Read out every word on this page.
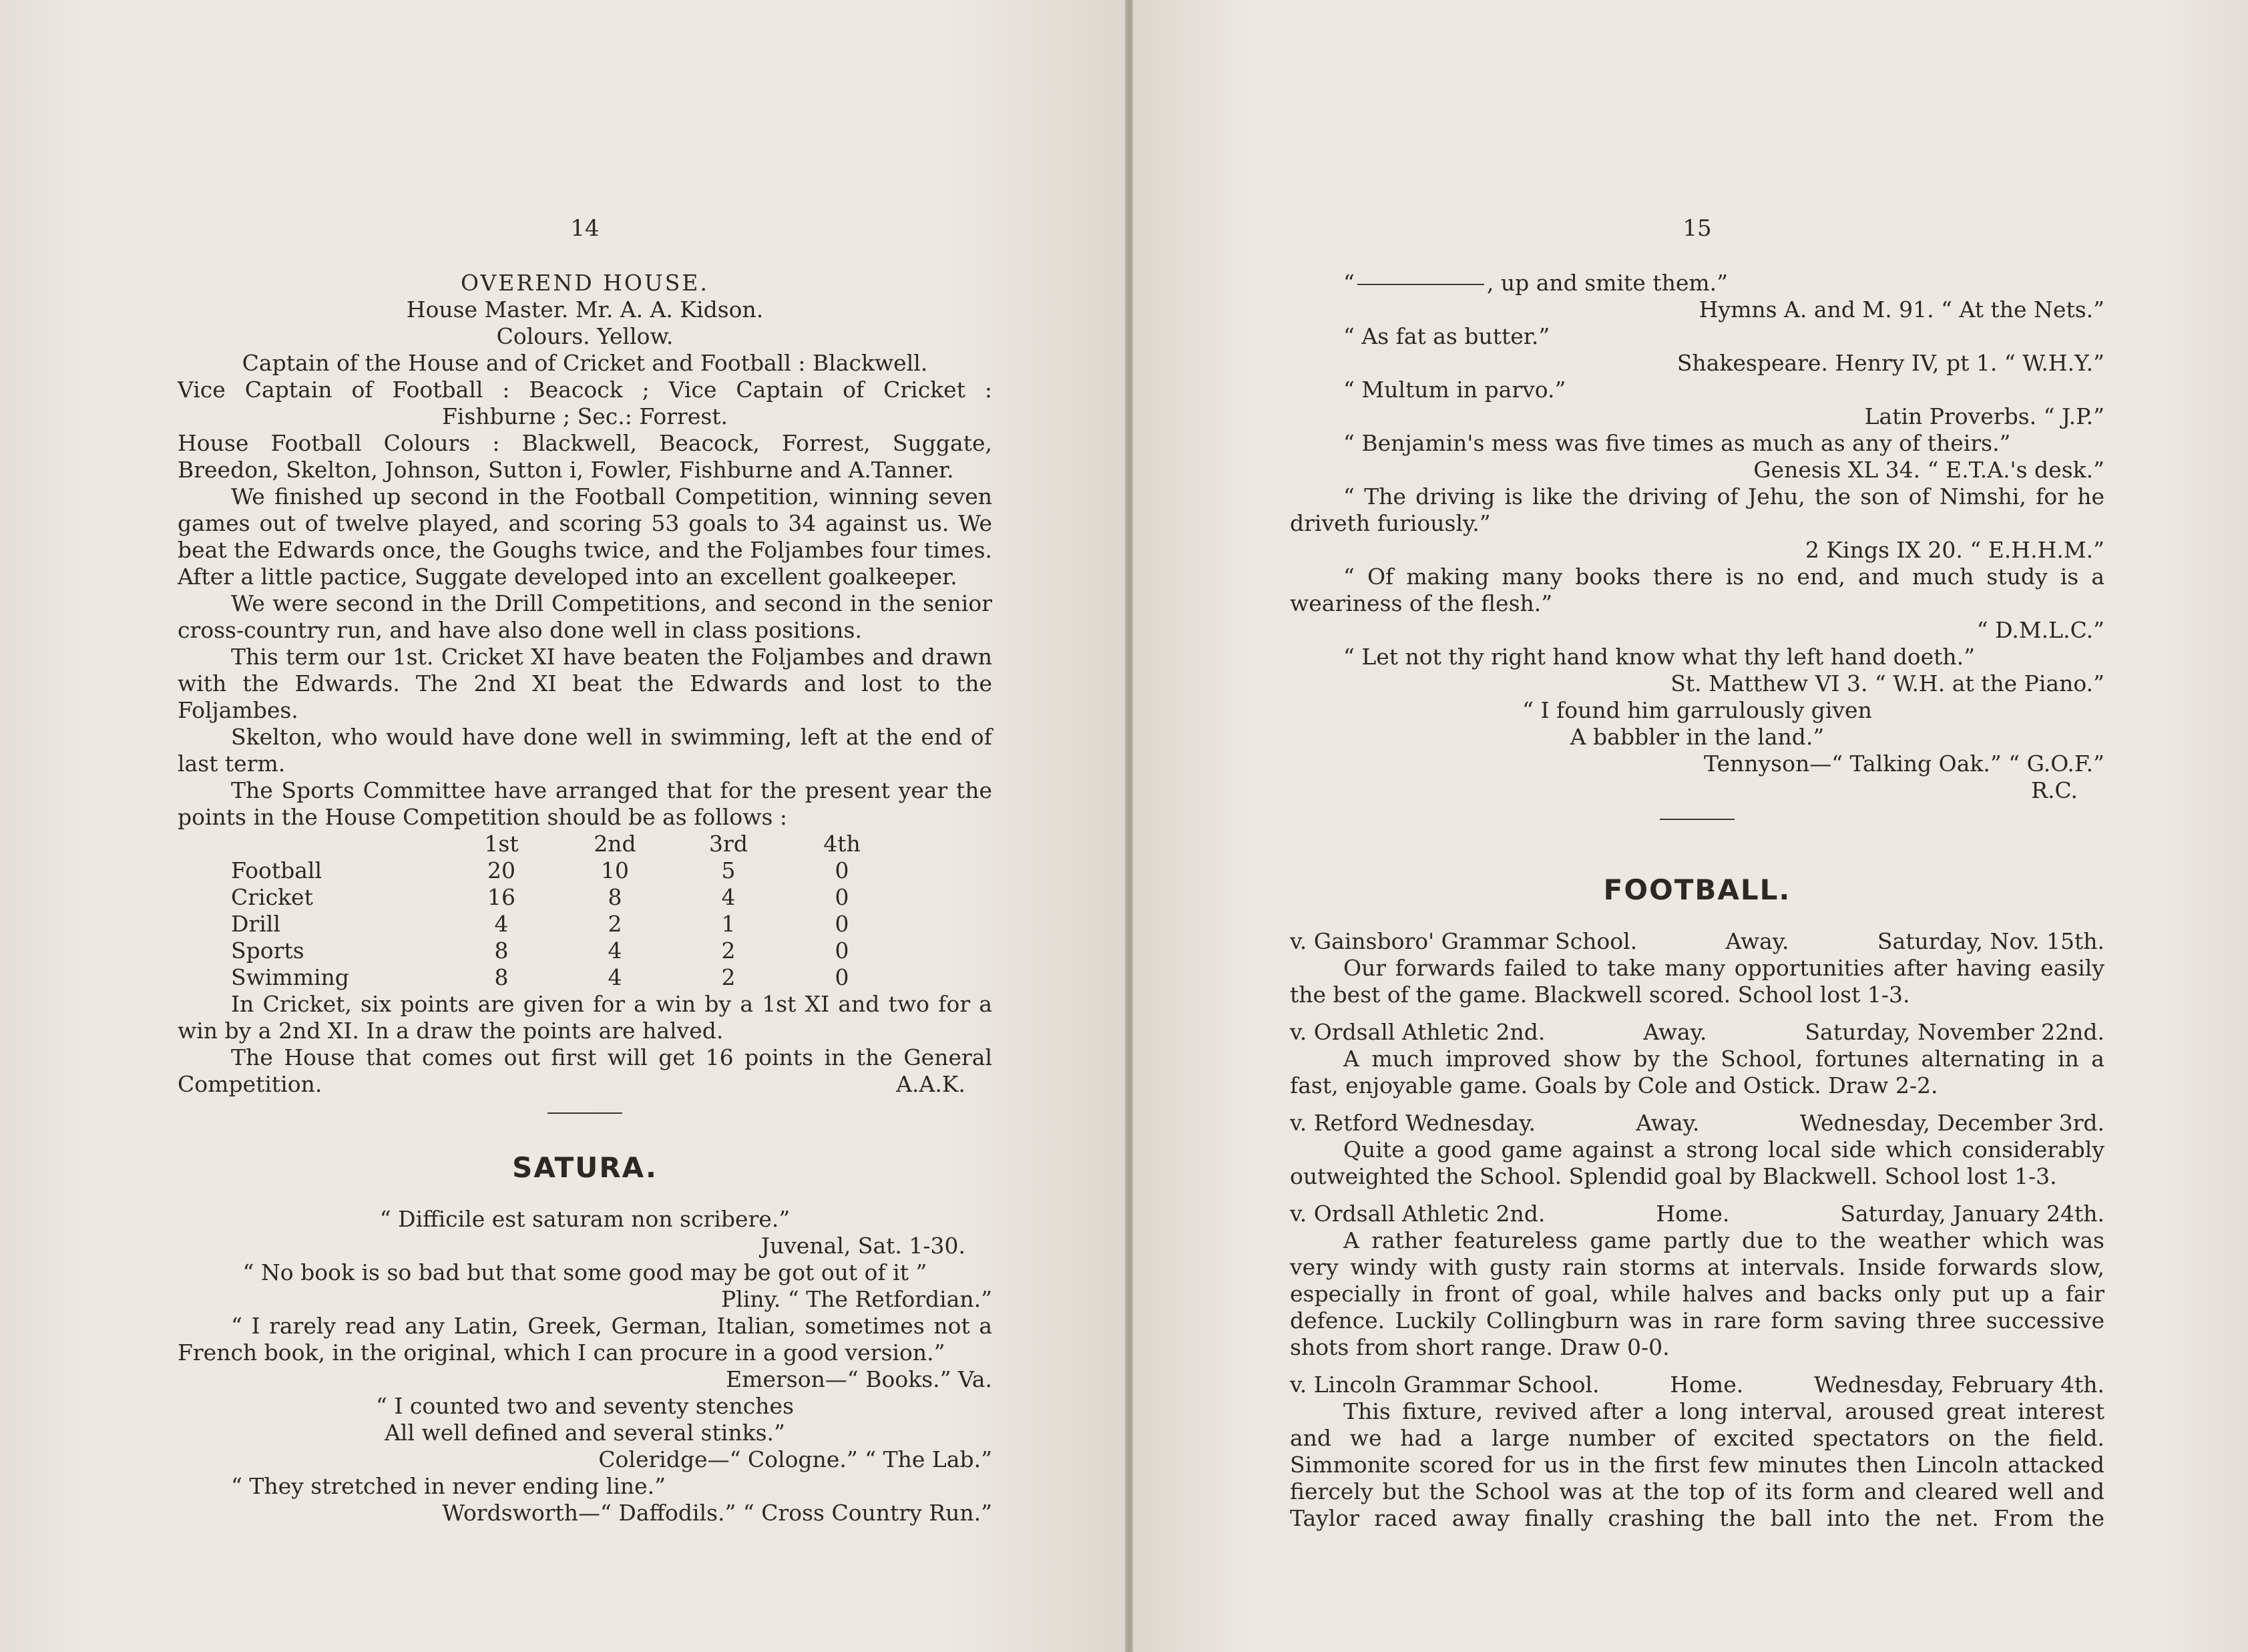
14
OVEREND HOUSE.
House Master. Mr. A. A. Kidson.
Colours. Yellow.
Captain of the House and of Cricket and Football : Blackwell.
Vice Captain of Football : Beacock ; Vice Captain of Cricket :
Fishburne ; Sec.: Forrest.
House Football Colours : Blackwell, Beacock, Forrest, Suggate, Breedon, Skelton, Johnson, Sutton i, Fowler, Fishburne and A.Tanner.
We finished up second in the Football Competition, winning seven games out of twelve played, and scoring 53 goals to 34 against us. We beat the Edwards once, the Goughs twice, and the Foljambes four times. After a little pactice, Suggate developed into an excellent goalkeeper.
We were second in the Drill Competitions, and second in the senior cross-country run, and have also done well in class positions.
This term our 1st. Cricket XI have beaten the Foljambes and drawn with the Edwards. The 2nd XI beat the Edwards and lost to the Foljambes.
Skelton, who would have done well in swimming, left at the end of last term.
The Sports Committee have arranged that for the present year the points in the House Competition should be as follows :
	1st	2nd	3rd	4th
Football	20	10	5	0
Cricket	16	8	4	0
Drill	4	2	1	0
Sports	8	4	2	0
Swimming	8	4	2	0
In Cricket, six points are given for a win by a 1st XI and two for a win by a 2nd XI. In a draw the points are halved.
The House that comes out first will get 16 points in the General Competition.	A.A.K.
SATURA.
“ Difficile est saturam non scribere.”
Juvenal, Sat. 1-30.
“ No book is so bad but that some good may be got out of it ”
Pliny. “ The Retfordian.”
“ I rarely read any Latin, Greek, German, Italian, sometimes not a French book, in the original, which I can procure in a good version.”
Emerson—“ Books.” Va.
“ I counted two and seventy stenches
All well defined and several stinks.”
Coleridge—“ Cologne.” “ The Lab.”
“ They stretched in never ending line.”
Wordsworth—“ Daffodils.” “ Cross Country Run.”
15
“	, up and smite them.”
Hymns A. and M. 91. “ At the Nets.”
“ As fat as butter.”
Shakespeare. Henry IV, pt 1. “ W.H.Y.”
“ Multum in parvo.”
Latin Proverbs. “ J.P.”
“ Benjamin's mess was five times as much as any of theirs.”
Genesis XL 34. “ E.T.A.'s desk.”
“ The driving is like the driving of Jehu, the son of Nimshi, for he driveth furiously.”
2 Kings IX 20. “ E.H.H.M.”
“ Of making many books there is no end, and much study is a weariness of the flesh.”
“ D.M.L.C.”
“ Let not thy right hand know what thy left hand doeth.”
St. Matthew VI 3. “ W.H. at the Piano.”
“ I found him garrulously given
A babbler in the land.”
Tennyson—“ Talking Oak.” “ G.O.F.”
R.C.
FOOTBALL.
v. Gainsboro' Grammar School.	Away.	Saturday, Nov. 15th.
Our forwards failed to take many opportunities after having easily the best of the game. Blackwell scored. School lost 1-3.
v. Ordsall Athletic 2nd.	Away.	Saturday, November 22nd.
A much improved show by the School, fortunes alternating in a fast, enjoyable game. Goals by Cole and Ostick. Draw 2-2.
v. Retford Wednesday.	Away.	Wednesday, December 3rd.
Quite a good game against a strong local side which considerably outweighted the School. Splendid goal by Blackwell. School lost 1-3.
v. Ordsall Athletic 2nd.	Home.	Saturday, January 24th.
A rather featureless game partly due to the weather which was very windy with gusty rain storms at intervals. Inside forwards slow, especially in front of goal, while halves and backs only put up a fair defence. Luckily Collingburn was in rare form saving three successive shots from short range. Draw 0-0.
v. Lincoln Grammar School.	Home.	Wednesday, February 4th.
This fixture, revived after a long interval, aroused great interest and we had a large number of excited spectators on the field. Simmonite scored for us in the first few minutes then Lincoln attacked fiercely but the School was at the top of its form and cleared well and Taylor raced away finally crashing the ball into the net. From the
